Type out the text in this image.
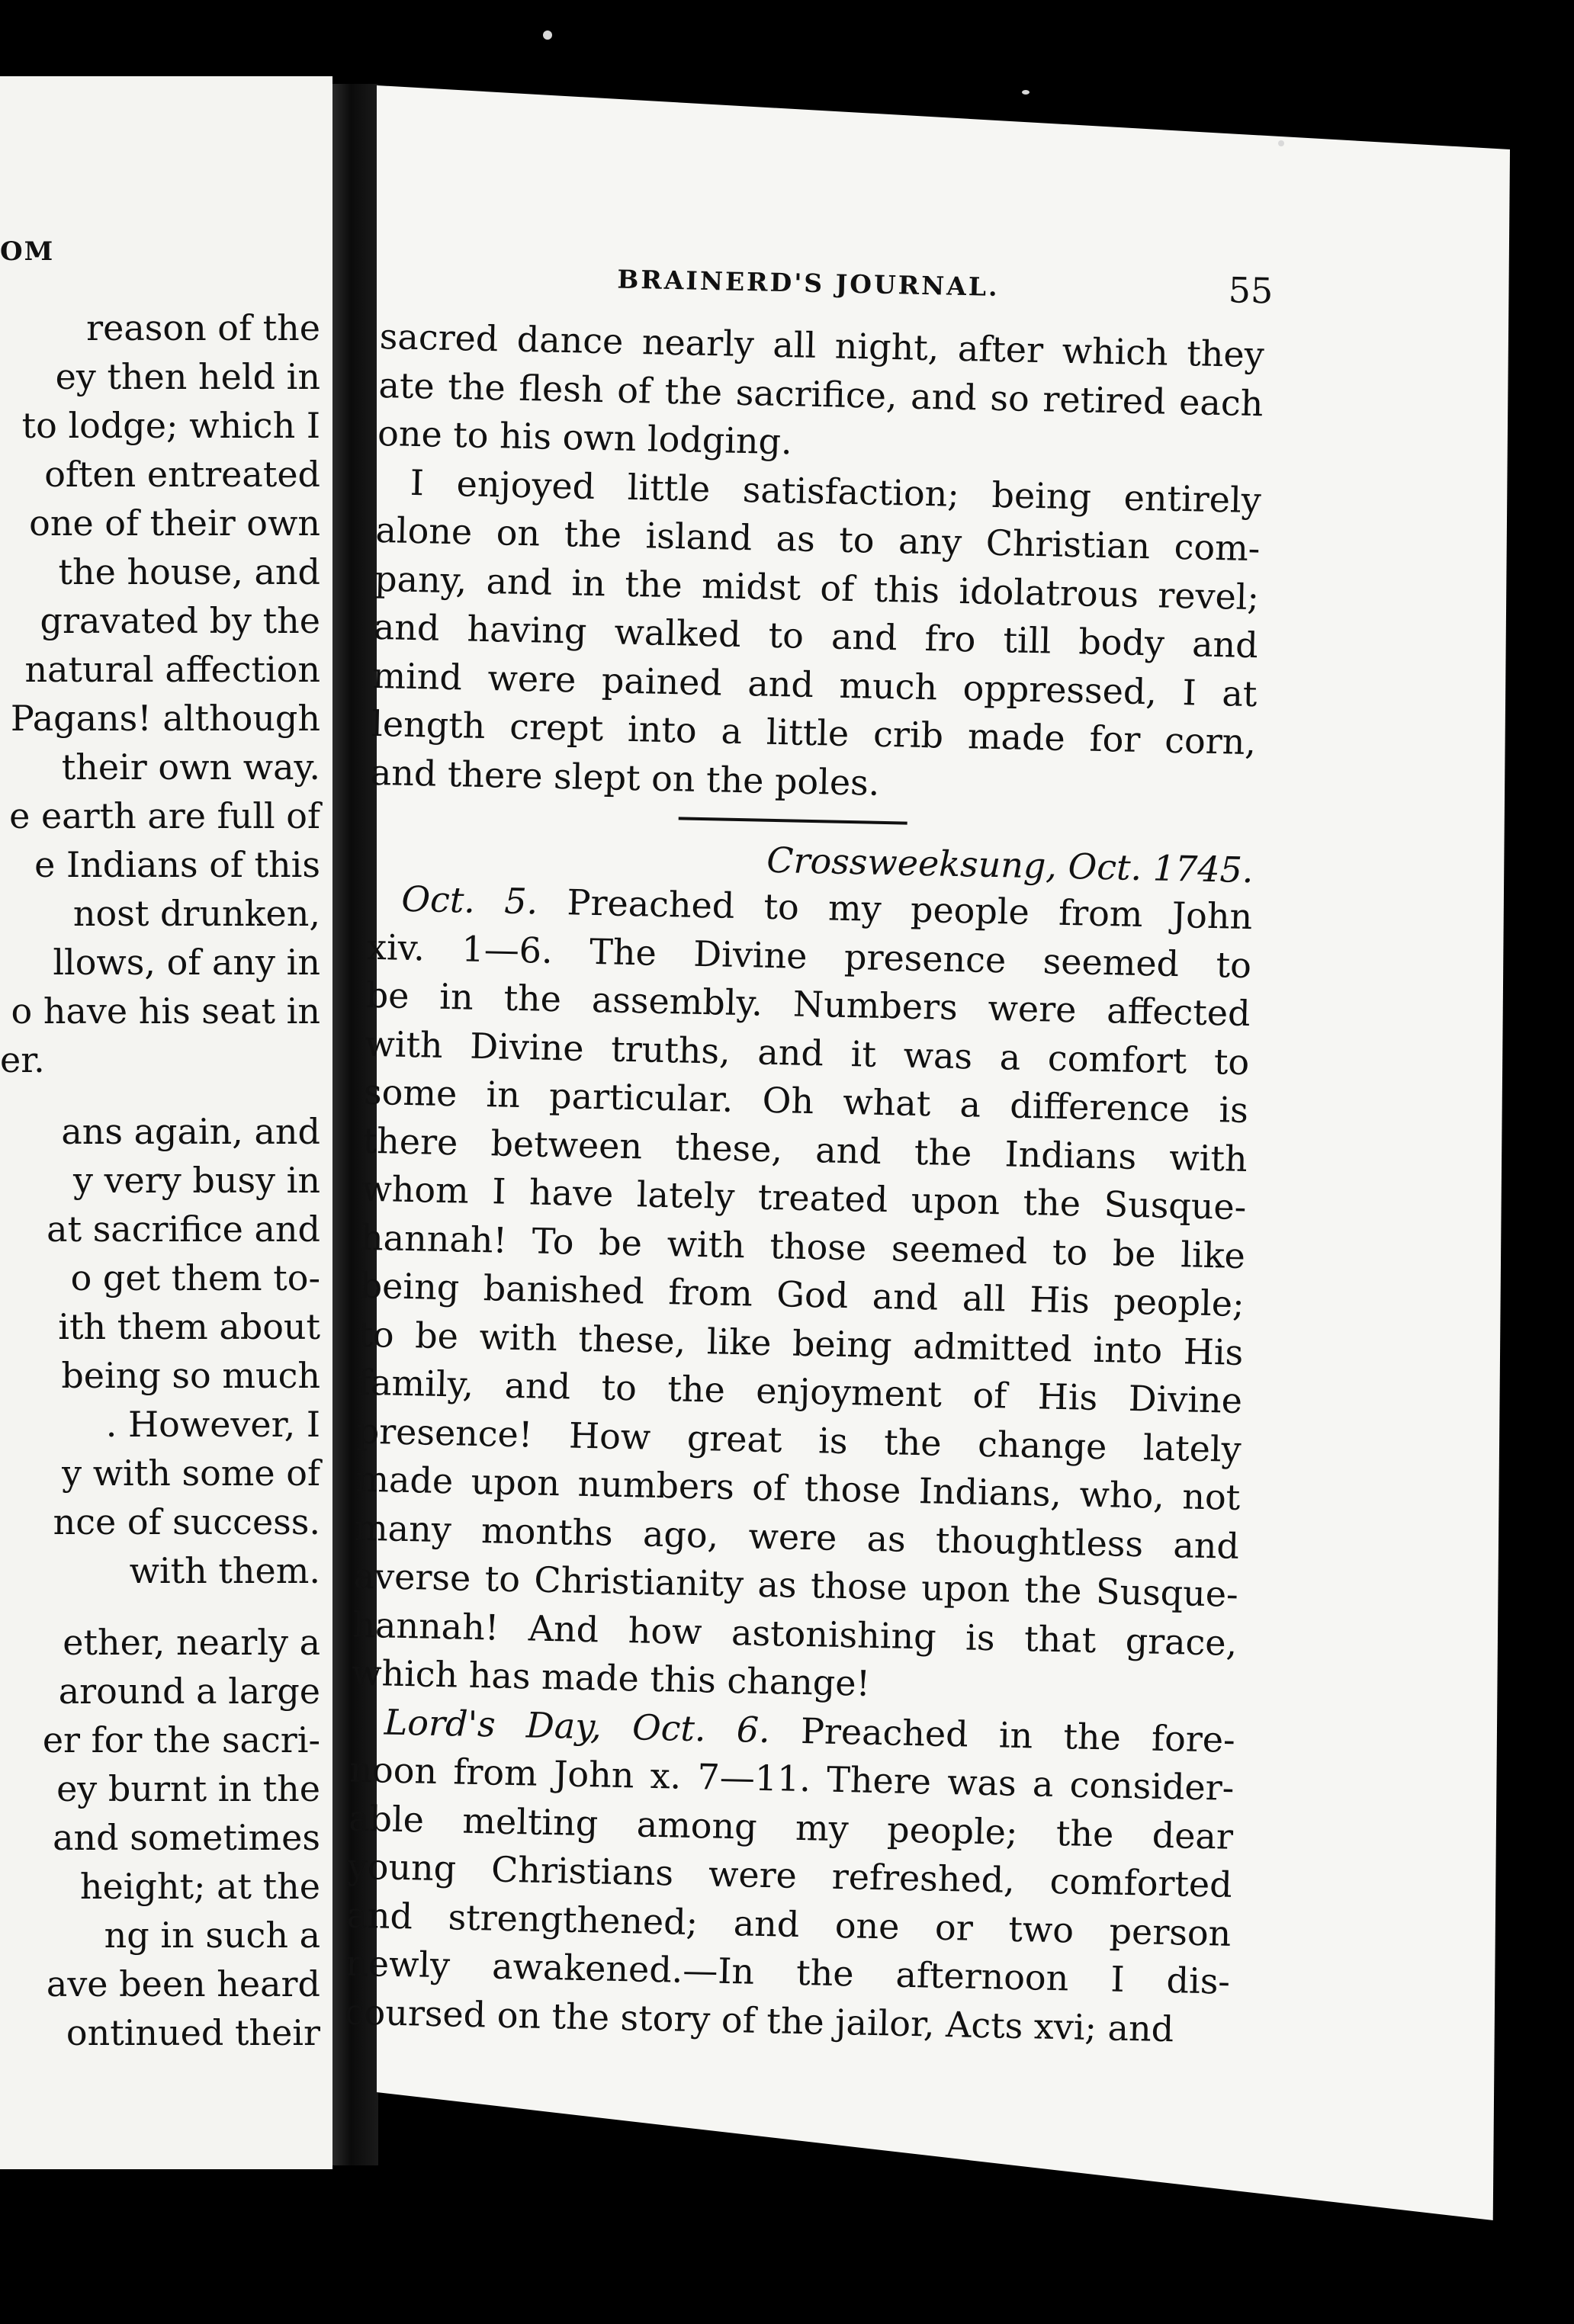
OM
reason of the
ey then held in
to lodge; which I
often entreated
one of their own
the house, and
gravated by the
natural affection
Pagans! although
their own way.
e earth are full of
e Indians of this
nost drunken,
llows, of any in
o have his seat in
er.
ans again, and
y very busy in
at sacrifice and
o get them to-
ith them about
being so much
. However, I
y with some of
nce of success.
with them.
ether, nearly a
around a large
er for the sacri-
ey burnt in the
and sometimes
height; at the
ng in such a
ave been heard
ontinued their
BRAINERD'S JOURNAL.	55
sacred dance nearly all night, after which they
ate the flesh of the sacrifice, and so retired each
one to his own lodging.
I enjoyed little satisfaction; being entirely
alone on the island as to any Christian com-
pany, and in the midst of this idolatrous revel;
and having walked to and fro till body and
mind were pained and much oppressed, I at
length crept into a little crib made for corn,
and there slept on the poles.
Crossweeksung, Oct. 1745.
Oct. 5. Preached to my people from John
xiv. 1—6. The Divine presence seemed to
be in the assembly. Numbers were affected
with Divine truths, and it was a comfort to
some in particular. Oh what a difference is
there between these, and the Indians with
whom I have lately treated upon the Susque-
hannah! To be with those seemed to be like
being banished from God and all His people;
to be with these, like being admitted into His
family, and to the enjoyment of His Divine
presence! How great is the change lately
made upon numbers of those Indians, who, not
many months ago, were as thoughtless and
averse to Christianity as those upon the Susque-
hannah! And how astonishing is that grace,
which has made this change!
Lord's Day, Oct. 6. Preached in the fore-
noon from John x. 7—11. There was a consider-
able melting among my people; the dear
young Christians were refreshed, comforted
and strengthened; and one or two person
newly awakened.—In the afternoon I dis-
coursed on the story of the jailor, Acts xvi; and
